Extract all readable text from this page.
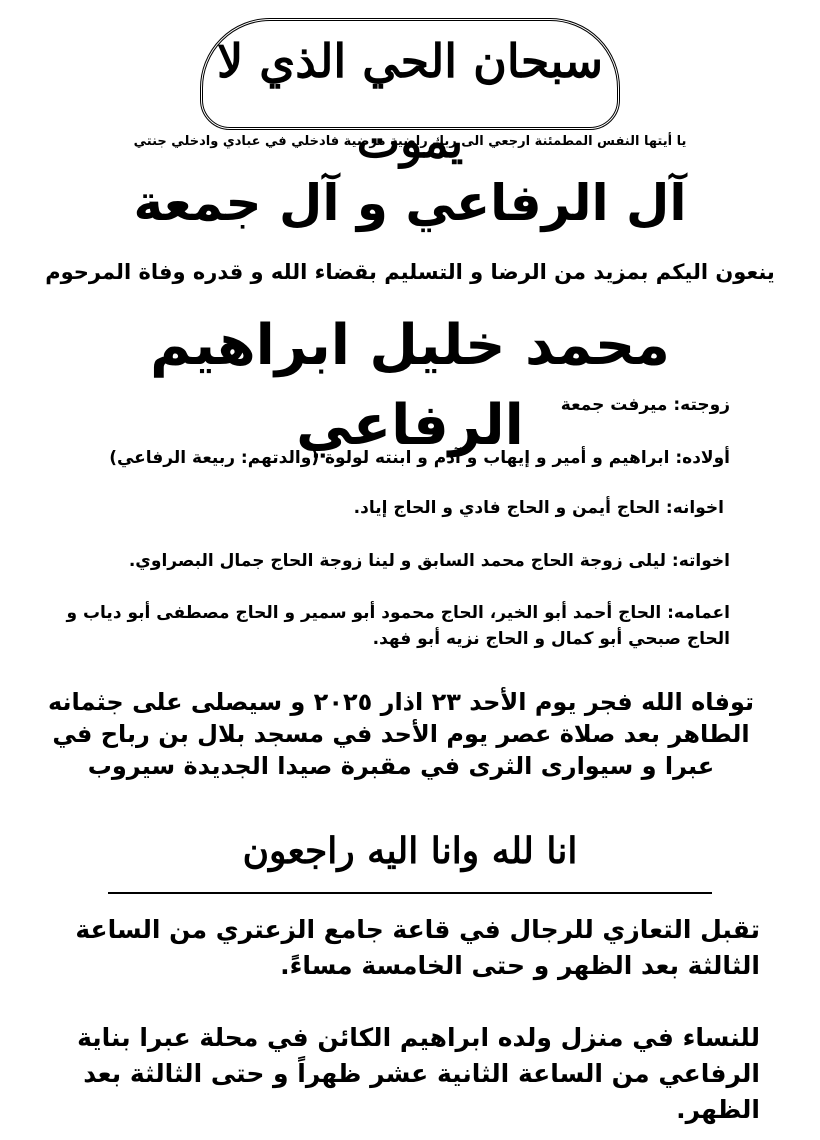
سبحان الحي الذي لا يموت
يا أيتها النفس المطمئنة ارجعي الى ربك راضية مرضية فادخلي في عبادي وادخلي جنتي
آل الرفاعي و آل جمعة
ينعون اليكم بمزيد من الرضا و التسليم بقضاء الله و قدره وفاة المرحوم
محمد خليل ابراهيم الرفاعي	زوجته: ميرفت جمعة
أولاده: ابراهيم و أمير و إيهاب و آدم و ابنته لولوة (والدتهم: ربيعة الرفاعي)
اخوانه: الحاج أيمن و الحاج فادي و الحاج إياد.
اخواته: ليلى زوجة الحاج محمد السابق و لينا زوجة الحاج جمال البصراوي.
اعمامه: الحاج أحمد أبو الخير، الحاج محمود أبو سمير و الحاج مصطفى أبو دياب و الحاج صبحي أبو كمال و الحاج نزيه أبو فهد.
توفاه الله فجر يوم الأحد ٢٣ اذار ٢٠٢٥ و سيصلى على جثمانه الطاهر بعد صلاة عصر يوم الأحد في مسجد بلال بن رباح في عبرا و سيوارى الثرى في مقبرة صيدا الجديدة سيروب
انا لله وانا اليه راجعون
تقبل التعازي للرجال في قاعة جامع الزعتري من الساعة الثالثة بعد الظهر و حتى الخامسة مساءً.
للنساء في منزل ولده ابراهيم الكائن في محلة عبرا بناية الرفاعي من الساعة الثانية عشر ظهراً و حتى الثالثة بعد الظهر.
